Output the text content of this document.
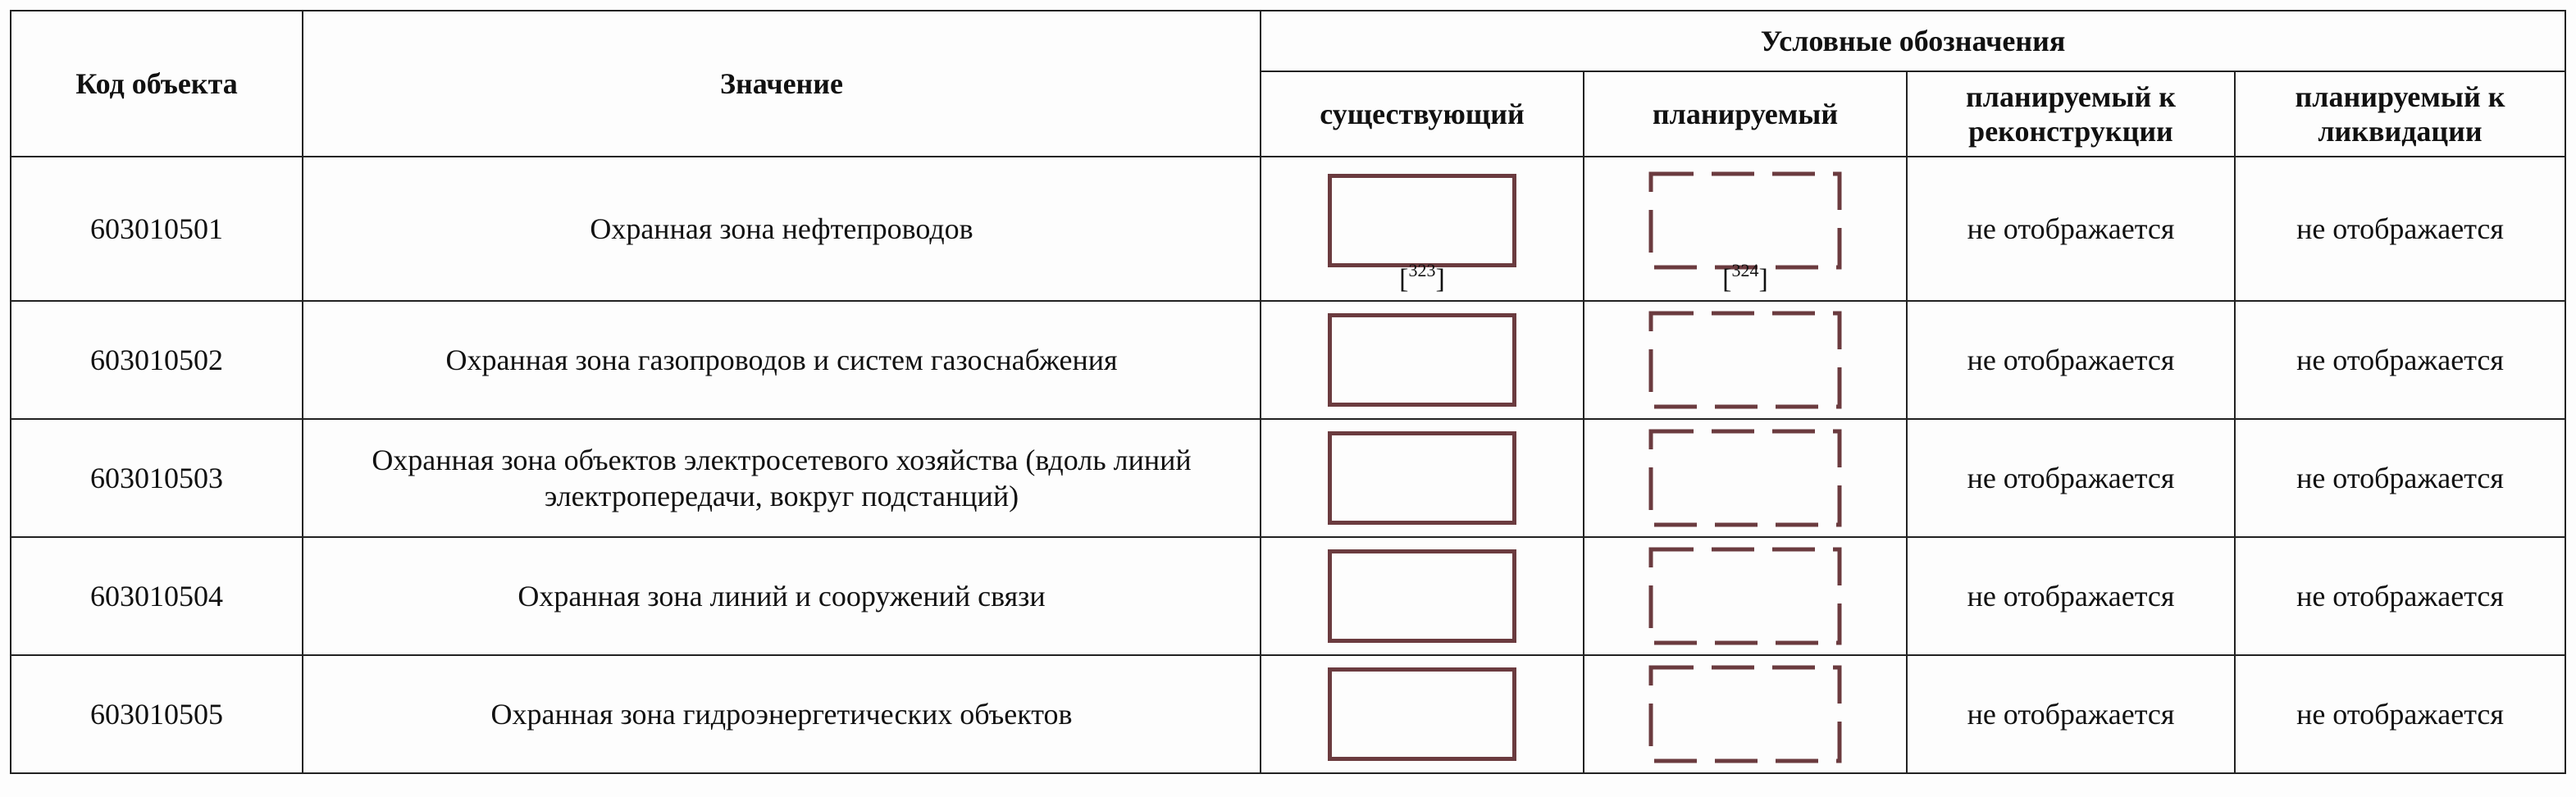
Код объекта	Значение	Условные обозначения			
		существующий	планируемый	планируемый к реконструкции	планируемый к ликвидации
603010501	Охранная зона нефтепроводов	[$^{323}$]	[$^{324}$]	не отображается	не отображается
603010502	Охранная зона газопроводов и систем газоснабжения			не отображается	не отображается
603010503	Охранная зона объектов электросетевого хозяйства (вдоль линий электропередачи, вокруг подстанций)			не отображается	не отображается
603010504	Охранная зона линий и сооружений связи			не отображается	не отображается
603010505	Охранная зона гидроэнергетических объектов			не отображается	не отображается
